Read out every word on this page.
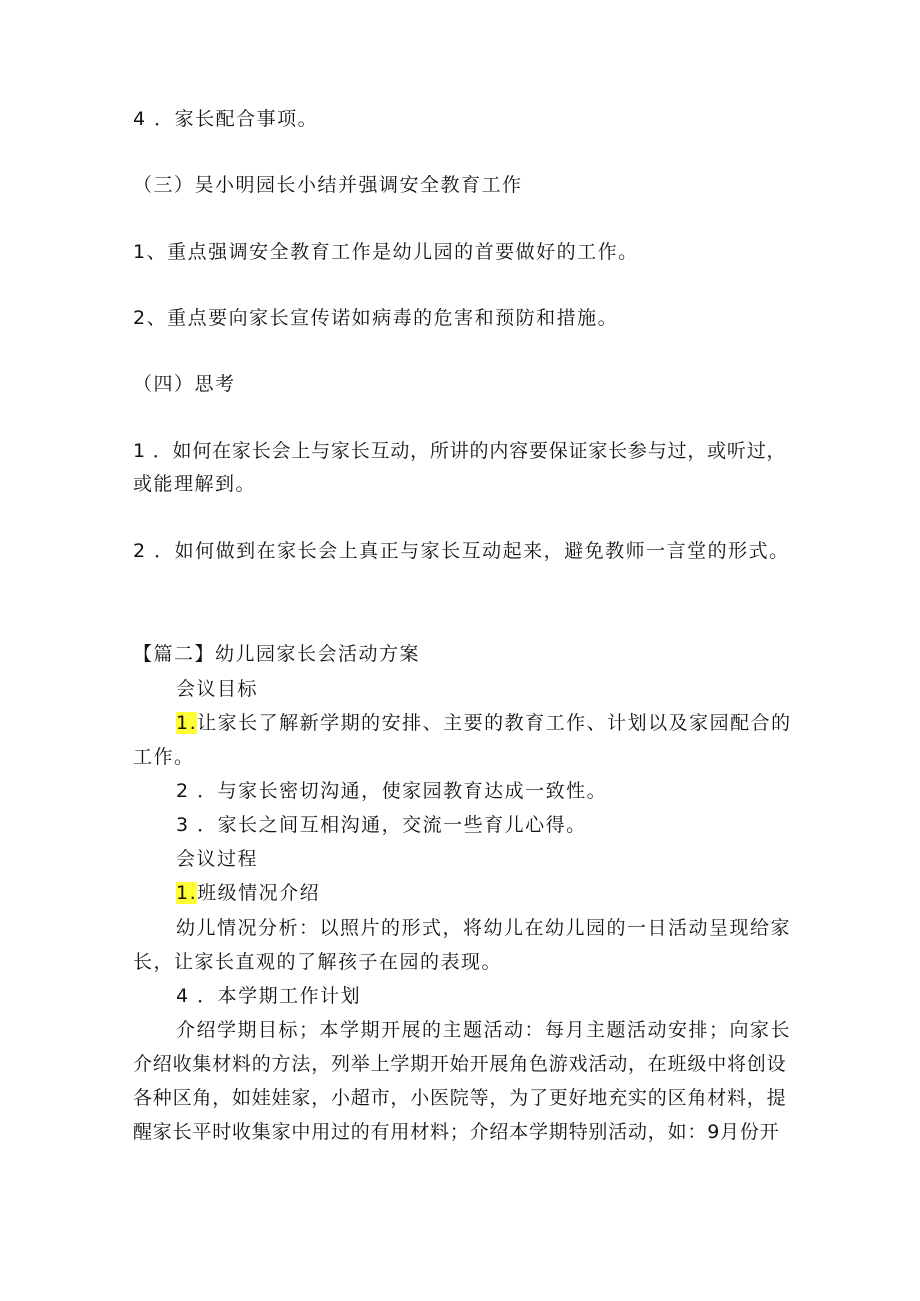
4 ．家长配合事项。
（三）吴小明园长小结并强调安全教育工作
1、重点强调安全教育工作是幼儿园的首要做好的工作。
2、重点要向家长宣传诺如病毒的危害和预防和措施。
（四）思考
1 ．如何在家长会上与家长互动，所讲的内容要保证家长参与过，或听过，
或能理解到。
2 ．如何做到在家长会上真正与家长互动起来，避免教师一言堂的形式。
【篇二】幼儿园家长会活动方案
会议目标
1.让家长了解新学期的安排、主要的教育工作、计划以及家园配合的
工作。
2 ．与家长密切沟通，使家园教育达成一致性。
3 ．家长之间互相沟通，交流一些育儿心得。
会议过程
1.班级情况介绍
幼儿情况分析：以照片的形式，将幼儿在幼儿园的一日活动呈现给家
长，让家长直观的了解孩子在园的表现。
4 ．本学期工作计划
介绍学期目标；本学期开展的主题活动：每月主题活动安排；向家长
介绍收集材料的方法，列举上学期开始开展角色游戏活动，在班级中将创设
各种区角，如娃娃家，小超市，小医院等，为了更好地充实的区角材料，提
醒家长平时收集家中用过的有用材料；介绍本学期特别活动，如：9月份开
